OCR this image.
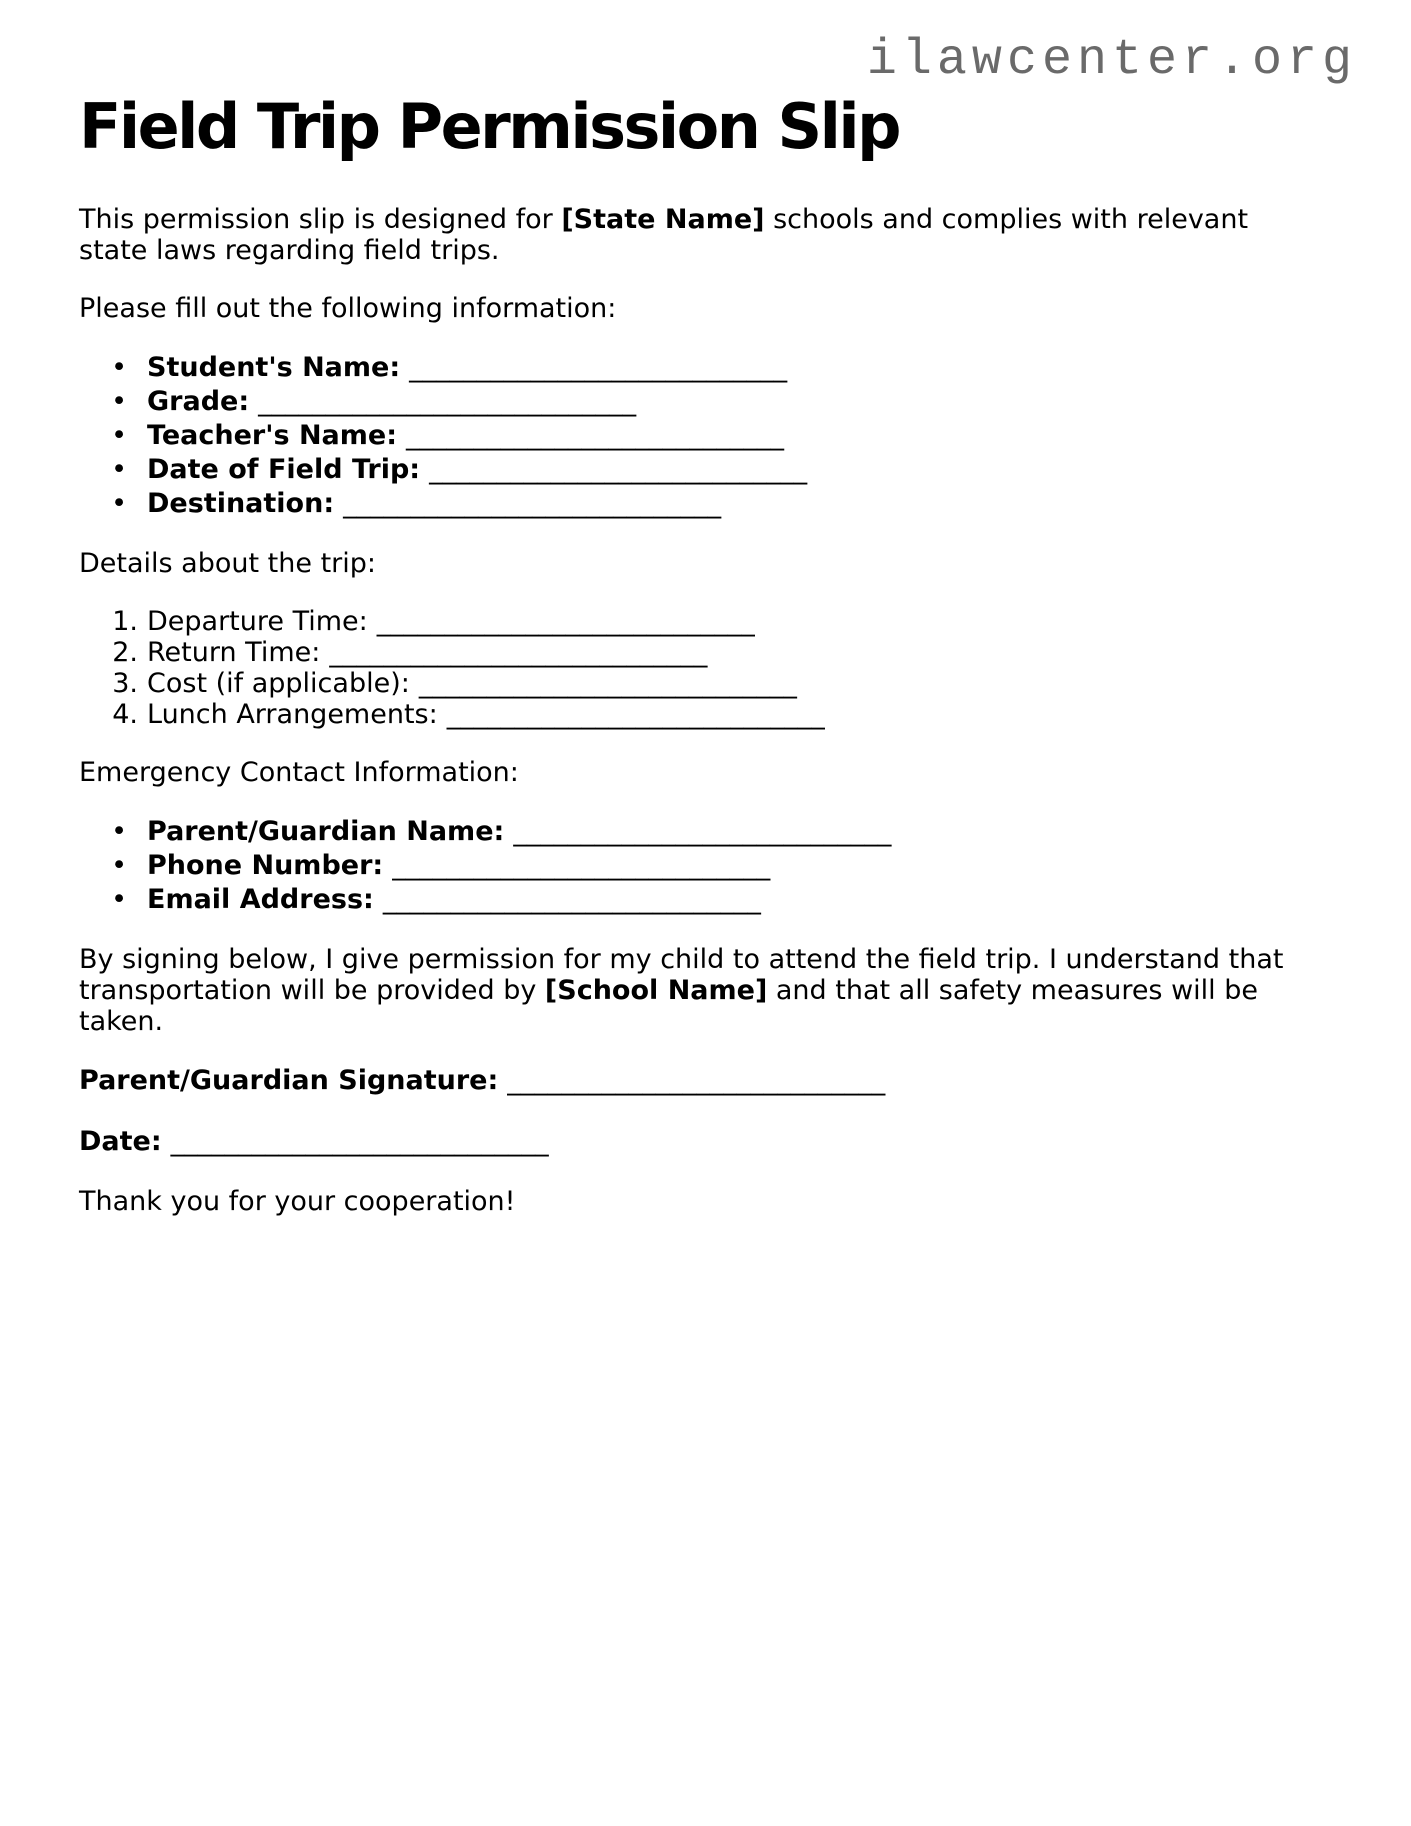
ilawcenter.org
Field Trip Permission Slip
This permission slip is designed for [State Name] schools and complies with relevant
state laws regarding field trips.
Please fill out the following information:
• Student's Name: ____________________________
• Grade: ____________________________
• Teacher's Name: ____________________________
• Date of Field Trip: ____________________________
• Destination: ____________________________
Details about the trip:
1. Departure Time: ____________________________
2. Return Time: ____________________________
3. Cost (if applicable): ____________________________
4. Lunch Arrangements: ____________________________
Emergency Contact Information:
• Parent/Guardian Name: ____________________________
• Phone Number: ____________________________
• Email Address: ____________________________
By signing below, I give permission for my child to attend the field trip. I understand that
transportation will be provided by [School Name] and that all safety measures will be
taken.
Parent/Guardian Signature: ____________________________
Date: ____________________________
Thank you for your cooperation!
